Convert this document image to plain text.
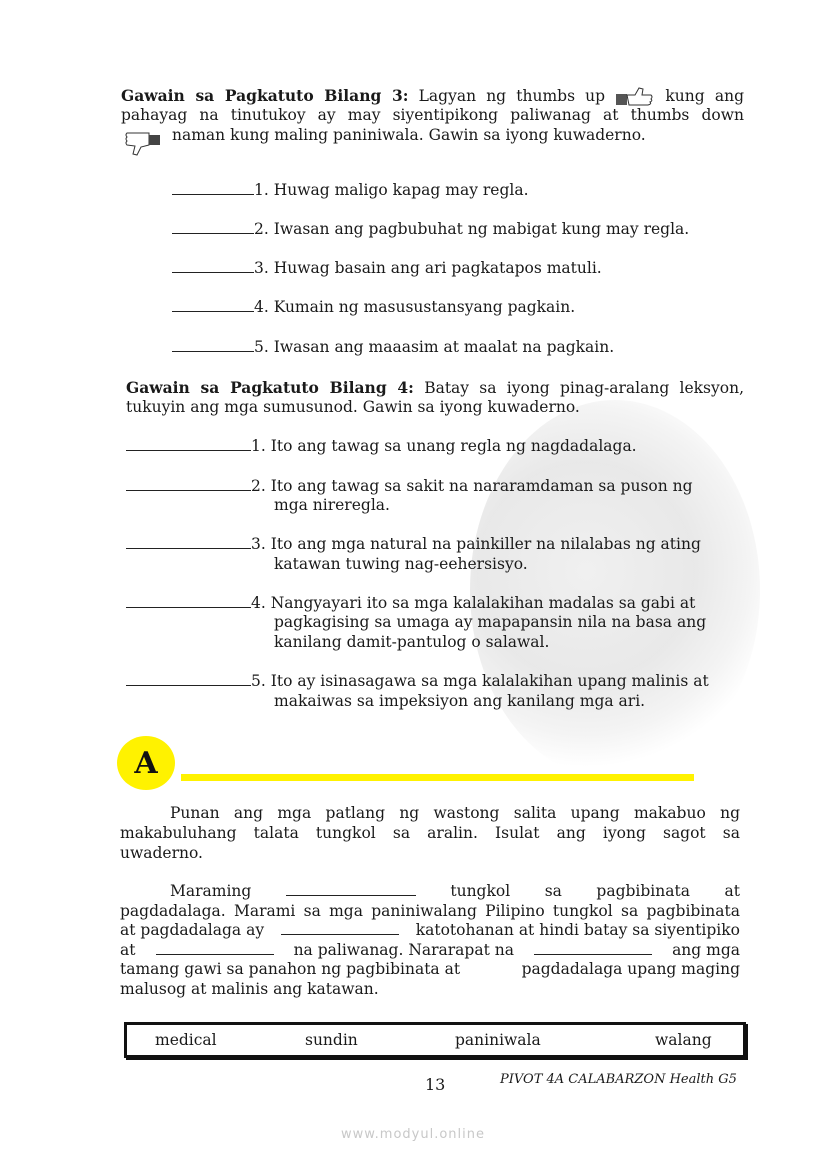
Gawain sa Pagkatuto Bilang 3: Lagyan ng thumbs up	kung ang
pahayag na tinutukoy ay may siyentipikong paliwanag at thumbs down
naman kung maling paniniwala. Gawin sa iyong kuwaderno.
1. Huwag maligo kapag may regla.
2. Iwasan ang pagbubuhat ng mabigat kung may regla.
3. Huwag basain ang ari pagkatapos matuli.
4. Kumain ng masusustansyang pagkain.
5. Iwasan ang maaasim at maalat na pagkain.
Gawain sa Pagkatuto Bilang 4: Batay sa iyong pinag-aralang leksyon,
tukuyin ang mga sumusunod. Gawin sa iyong kuwaderno.
1. Ito ang tawag sa unang regla ng nagdadalaga.
2. Ito ang tawag sa sakit na nararamdaman sa puson ng
mga nireregla.
3. Ito ang mga natural na painkiller na nilalabas ng ating
katawan tuwing nag-eehersisyo.
4. Nangyayari ito sa mga kalalakihan madalas sa gabi at
pagkagising sa umaga ay mapapansin nila na basa ang
kanilang damit-pantulog o salawal.
5. Ito ay isinasagawa sa mga kalalakihan upang malinis at
makaiwas sa impeksiyon ang kanilang mga ari.
A
Punan ang mga patlang ng wastong salita upang makabuo ng
makabuluhang talata tungkol sa aralin. Isulat ang iyong sagot sa
uwaderno.
Maraming	tungkol sa pagbibinata at
pagdadalaga. Marami sa mga paniniwalang Pilipino tungkol sa pagbibinata
at pagdadalaga ay	katotohanan at hindi batay sa siyentipiko
at	na paliwanag. Nararapat na	ang mga
tamang gawi sa panahon ng pagbibinata at	pagdadalaga upang maging
malusog at malinis ang katawan.
medical	sundin	paniniwala	walang
13	PIVOT 4A CALABARZON Health G5
www.modyul.online
